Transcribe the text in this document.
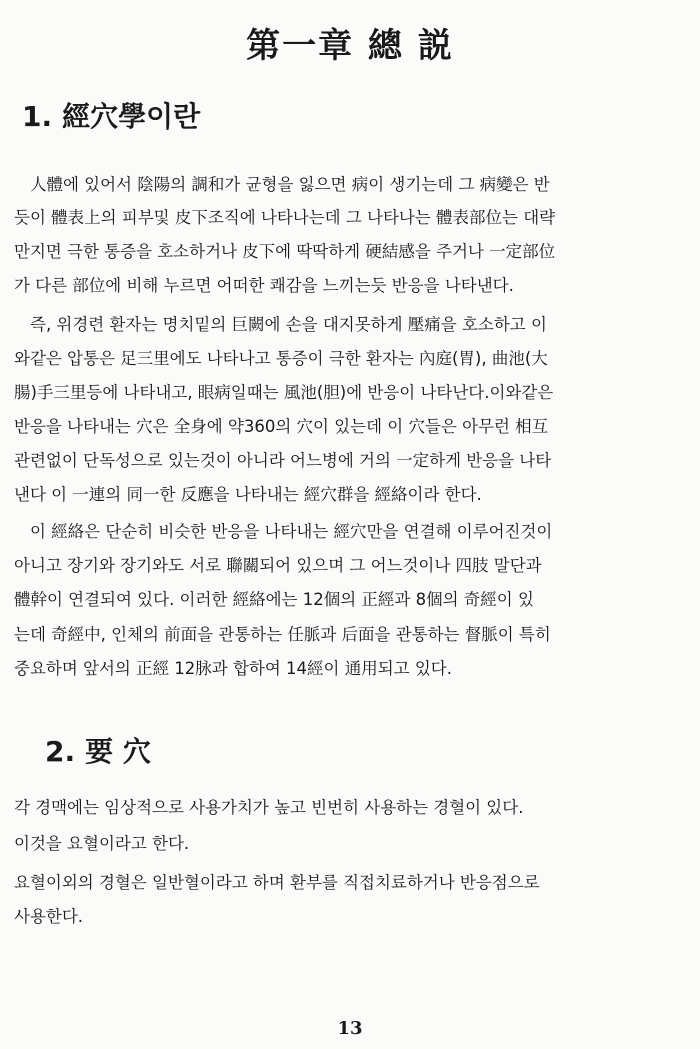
第一章 總 説
1. 經穴學이란
人體에 있어서 陰陽의 調和가 균형을 잃으면 病이 생기는데 그 病變은 반
듯이 體表上의 피부및 皮下조직에 나타나는데 그 나타나는 體表部位는 대략
만지면 극한 통증을 호소하거나 皮下에 딱딱하게 硬結感을 주거나 一定部位
가 다른 部位에 비해 누르면 어떠한 쾌감을 느끼는듯 반응을 나타낸다.
즉, 위경련 환자는 명치밑의 巨闕에 손을 대지못하게 壓痛을 호소하고 이
와같은 압통은 足三里에도 나타나고 통증이 극한 환자는 內庭(胃), 曲池(大
腸)手三里등에 나타내고, 眼病일때는 風池(胆)에 반응이 나타난다.이와같은
반응을 나타내는 穴은 全身에 약360의 穴이 있는데 이 穴들은 아무런 相互
관련없이 단독성으로 있는것이 아니라 어느병에 거의 一定하게 반응을 나타
낸다 이 一連의 同一한 反應을 나타내는 經穴群을 經絡이라 한다.
이 經絡은 단순히 비슷한 반응을 나타내는 經穴만을 연결해 이루어진것이
아니고 장기와 장기와도 서로 聯關되어 있으며 그 어느것이나 四肢 말단과
體幹이 연결되여 있다. 이러한 經絡에는 12個의 正經과 8個의 奇經이 있
는데 奇經中, 인체의 前面을 관통하는 任脈과 后面을 관통하는 督脈이 특히
중요하며 앞서의 正經 12脉과 합하여 14經이 通用되고 있다.
2. 要 穴
각 경맥에는 임상적으로 사용가치가 높고 빈번히 사용하는 경혈이 있다.
이것을 요혈이라고 한다.
요혈이외의 경혈은 일반혈이라고 하며 환부를 직접치료하거나 반응점으로
사용한다.
13
